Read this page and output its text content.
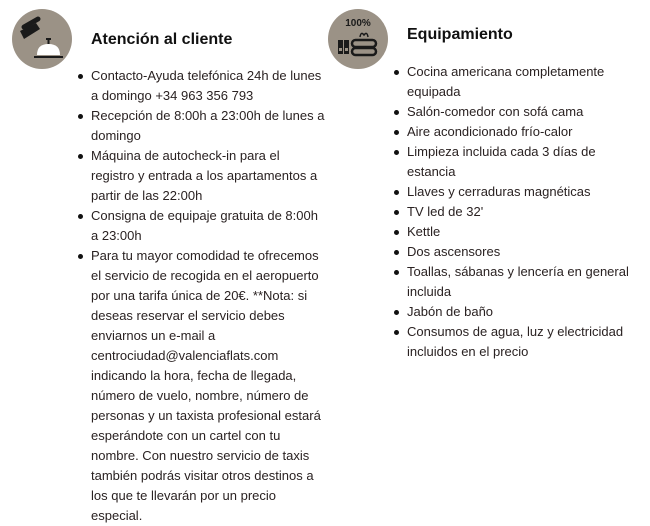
Atención al cliente
Contacto-Ayuda telefónica 24h de lunes a domingo +34 963 356 793
Recepción de 8:00h a 23:00h de lunes a domingo
Máquina de autocheck-in para el registro y entrada a los apartamentos a partir de las 22:00h
Consigna de equipaje gratuita de 8:00h a 23:00h
Para tu mayor comodidad te ofrecemos el servicio de recogida en el aeropuerto por una tarifa única de 20€. **Nota: si deseas reservar el servicio debes enviarnos un e-mail a centrociudad@valenciaflats.com indicando la hora, fecha de llegada, número de vuelo, nombre, número de personas y un taxista profesional estará esperándote con un cartel con tu nombre. Con nuestro servicio de taxis también podrás visitar otros destinos a los que te llevarán por un precio especial.
100%
Equipamiento
Cocina americana completamente equipada
Salón-comedor con sofá cama
Aire acondicionado frío-calor
Limpieza incluida cada 3 días de estancia
Llaves y cerraduras magnéticas
TV led de 32'
Kettle
Dos ascensores
Toallas, sábanas y lencería en general incluida
Jabón de baño
Consumos de agua, luz y electricidad incluidos en el precio
